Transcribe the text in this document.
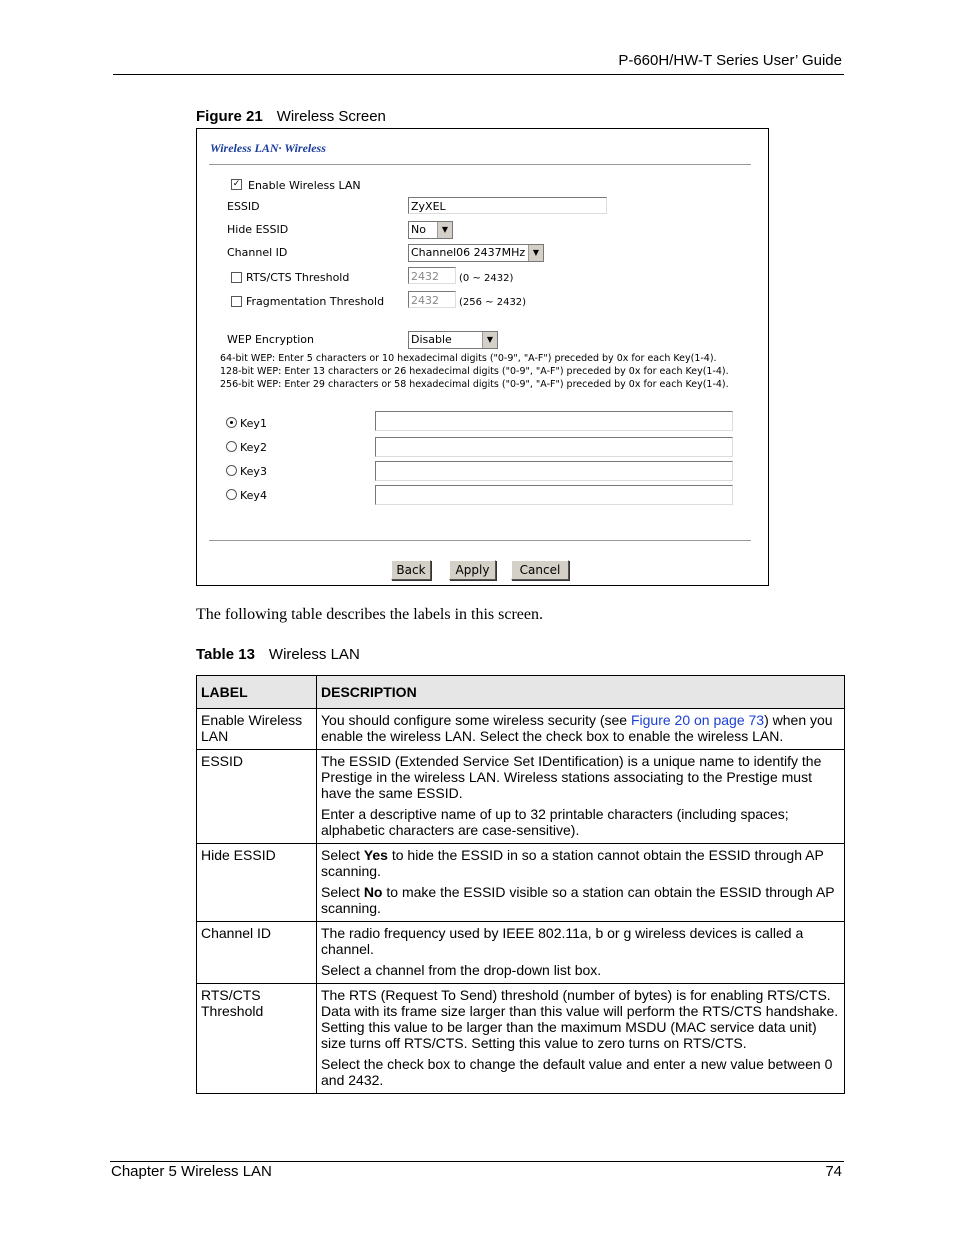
P-660H/HW-T Series User’ Guide
Figure 21 Wireless Screen
Wireless LAN· Wireless
✓ Enable Wireless LAN
ESSID	ZyXEL
Hide ESSID	No	▼
Channel ID	Channel06 2437MHz ▼
RTS/CTS Threshold	2432	(0 ~ 2432)
Fragmentation Threshold 2432	(256 ~ 2432)
WEP Encryption	Disable	▼
64-bit WEP: Enter 5 characters or 10 hexadecimal digits ("0-9", "A-F") preceded by 0x for each Key(1-4).
128-bit WEP: Enter 13 characters or 26 hexadecimal digits ("0-9", "A-F") preceded by 0x for each Key(1-4).
256-bit WEP: Enter 29 characters or 58 hexadecimal digits ("0-9", "A-F") preceded by 0x for each Key(1-4).
Key1
Key2
Key3
Key4
Back	Apply	Cancel
The following table describes the labels in this screen.
Table 13 Wireless LAN
LABEL	DESCRIPTION
Enable Wireless LAN	You should configure some wireless security (see Figure 20 on page 73) when you enable the wireless LAN. Select the check box to enable the wireless LAN.

ESSID	The ESSID (Extended Service Set IDentification) is a unique name to identify the Prestige in the wireless LAN. Wireless stations associating to the Prestige must have the same ESSID.

Enter a descriptive name of up to 32 printable characters (including spaces; alphabetic characters are case-sensitive).

Hide ESSID	Select Yes to hide the ESSID in so a station cannot obtain the ESSID through AP scanning.

Select No to make the ESSID visible so a station can obtain the ESSID through AP scanning.

Channel ID	The radio frequency used by IEEE 802.11a, b or g wireless devices is called a channel.

Select a channel from the drop-down list box.

RTS/CTS Threshold	The RTS (Request To Send) threshold (number of bytes) is for enabling RTS/CTS. Data with its frame size larger than this value will perform the RTS/CTS handshake. Setting this value to be larger than the maximum MSDU (MAC service data unit) size turns off RTS/CTS. Setting this value to zero turns on RTS/CTS.

Select the check box to change the default value and enter a new value between 0 and 2432.

Chapter 5 Wireless LAN	74
